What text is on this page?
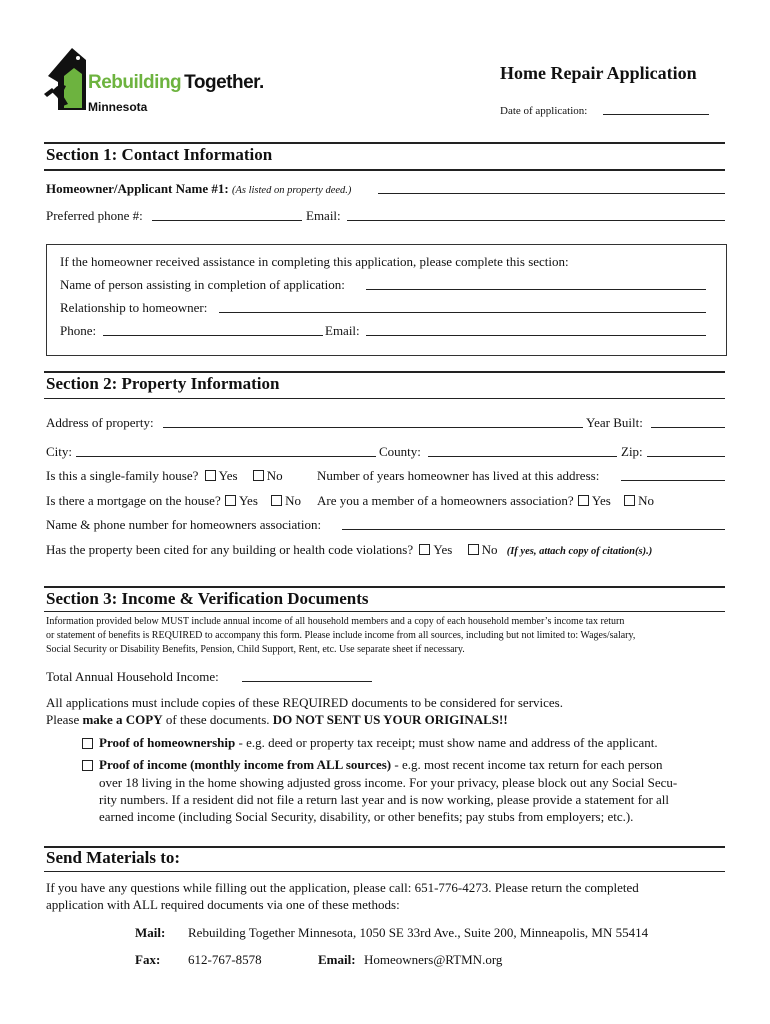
Rebuilding Together.
Minnesota
Home Repair Application
Date of application:
Section 1: Contact Information
Homeowner/Applicant Name #1: (As listed on property deed.)
Preferred phone #:	Email:
If the homeowner received assistance in completing this application, please complete this section:
Name of person assisting in completion of application:
Relationship to homeowner:
Phone:	Email:
Section 2: Property Information
Address of property:	Year Built:
City:	County:	Zip:
Is this a single-family house? Yes No	Number of years homeowner has lived at this address:
Is there a mortgage on the house? Yes No Are you a member of a homeowners association? Yes No
Name & phone number for homeowners association:
Has the property been cited for any building or health code violations? Yes No (If yes, attach copy of citation(s).)
Section 3: Income & Verification Documents
Information provided below MUST include annual income of all household members and a copy of each household member’s income tax return
or statement of benefits is REQUIRED to accompany this form. Please include income from all sources, including but not limited to: Wages/salary,
Social Security or Disability Benefits, Pension, Child Support, Rent, etc. Use separate sheet if necessary.
Total Annual Household Income:
All applications must include copies of these REQUIRED documents to be considered for services.
Please make a COPY of these documents. DO NOT SENT US YOUR ORIGINALS!!
Proof of homeownership - e.g. deed or property tax receipt; must show name and address of the applicant.
Proof of income (monthly income from ALL sources) - e.g. most recent income tax return for each person
over 18 living in the home showing adjusted gross income. For your privacy, please block out any Social Secu-
rity numbers. If a resident did not file a return last year and is now working, please provide a statement for all
earned income (including Social Security, disability, or other benefits; pay stubs from employers; etc.).
Send Materials to:
If you have any questions while filling out the application, please call: 651-776-4273. Please return the completed
application with ALL required documents via one of these methods:
Mail: Rebuilding Together Minnesota, 1050 SE 33rd Ave., Suite 200, Minneapolis, MN 55414
Fax: 612-767-8578	Email: Homeowners@RTMN.org
